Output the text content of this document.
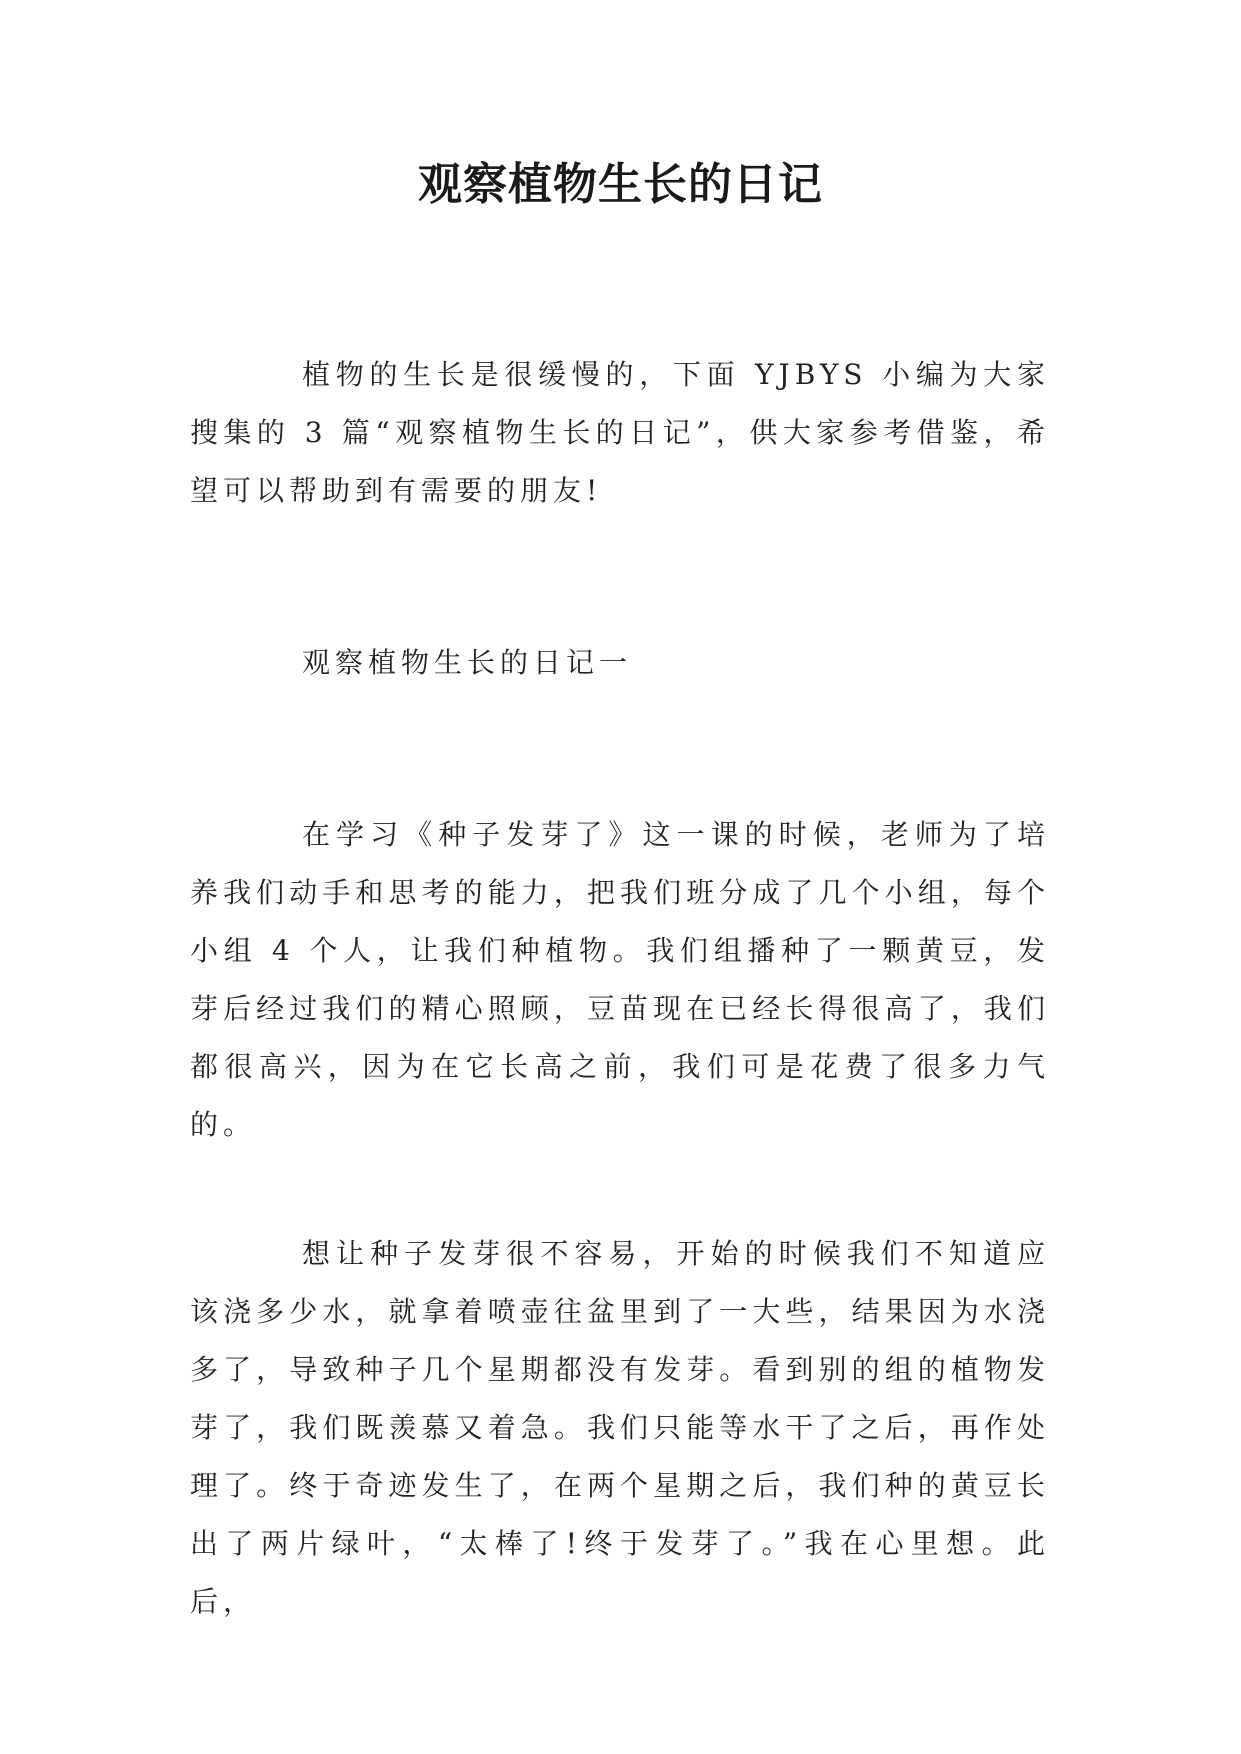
观察植物生长的日记

植物的生长是很缓慢的，下面 YJBYS 小编为大家搜集的 3 篇“观察植物生长的日记”，供大家参考借鉴，希望可以帮助到有需要的朋友!

观察植物生长的日记一

在学习《种子发芽了》这一课的时候，老师为了培养我们动手和思考的能力，把我们班分成了几个小组，每个小组 4 个人，让我们种植物。我们组播种了一颗黄豆，发芽后经过我们的精心照顾，豆苗现在已经长得很高了，我们都很高兴，因为在它长高之前，我们可是花费了很多力气的。

想让种子发芽很不容易，开始的时候我们不知道应该浇多少水，就拿着喷壶往盆里到了一大些，结果因为水浇多了，导致种子几个星期都没有发芽。看到别的组的植物发芽了，我们既羡慕又着急。我们只能等水干了之后，再作处理了。终于奇迹发生了，在两个星期之后，我们种的黄豆长出了两片绿叶，“太棒了!终于发芽了。”我在心里想。此后，
